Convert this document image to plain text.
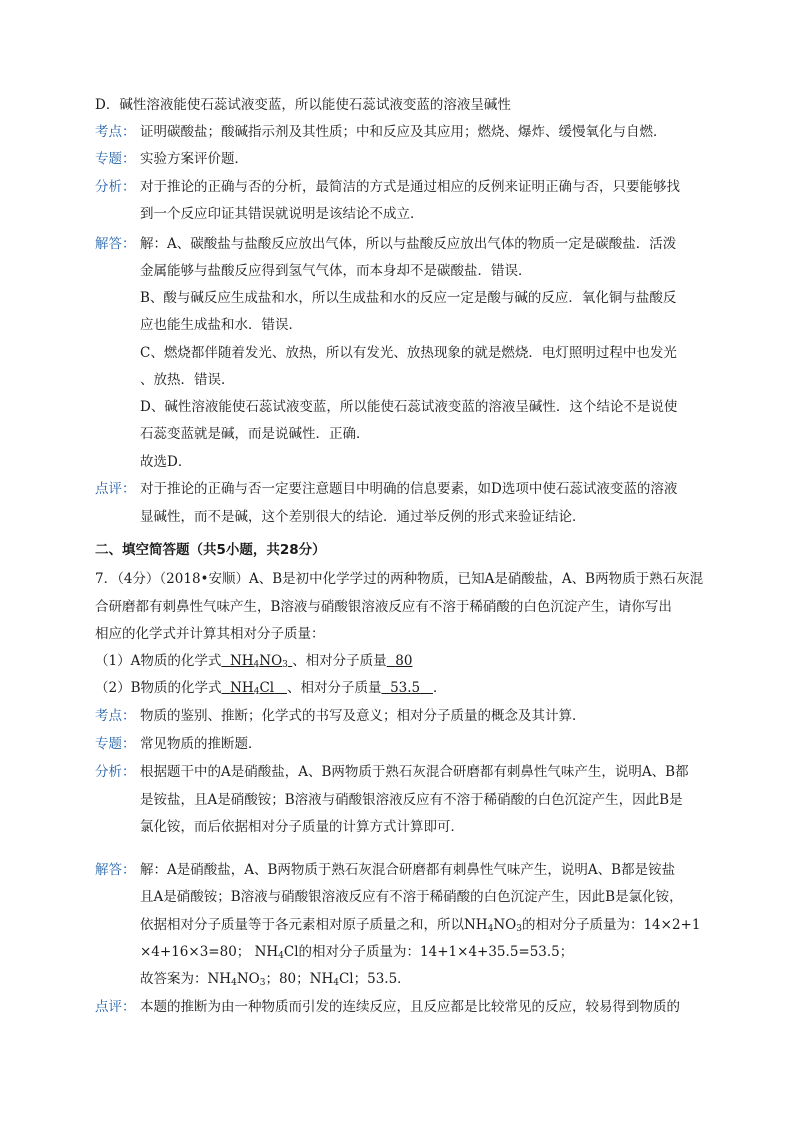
D．碱性溶液能使石蕊试液变蓝，所以能使石蕊试液变蓝的溶液呈碱性
考点： 证明碳酸盐；酸碱指示剂及其性质；中和反应及其应用；燃烧、爆炸、缓慢氧化与自燃．
专题： 实验方案评价题．
分析： 对于推论的正确与否的分析，最简洁的方式是通过相应的反例来证明正确与否，只要能够找
到一个反应印证其错误就说明是该结论不成立．
解答： 解：A、碳酸盐与盐酸反应放出气体，所以与盐酸反应放出气体的物质一定是碳酸盐．活泼
金属能够与盐酸反应得到氢气气体，而本身却不是碳酸盐．错误．
B、酸与碱反应生成盐和水，所以生成盐和水的反应一定是酸与碱的反应．氧化铜与盐酸反
应也能生成盐和水．错误．
C、燃烧都伴随着发光、放热，所以有发光、放热现象的就是燃烧．电灯照明过程中也发光
、放热．错误．
D、碱性溶液能使石蕊试液变蓝，所以能使石蕊试液变蓝的溶液呈碱性．这个结论不是说使
石蕊变蓝就是碱，而是说碱性．正确．
故选D．
点评： 对于推论的正确与否一定要注意题目中明确的信息要素，如D选项中使石蕊试液变蓝的溶液
显碱性，而不是碱，这个差别很大的结论．通过举反例的形式来验证结论．
二、填空简答题（共5小题，共28分）
7．（4分）（2018•安顺）A、B是初中化学学过的两种物质，已知A是硝酸盐，A、B两物质于熟石灰混
合研磨都有刺鼻性气味产生，B溶液与硝酸银溶液反应有不溶于稀硝酸的白色沉淀产生，请你写出
相应的化学式并计算其相对分子质量：
（1）A物质的化学式 $NH_4NO_3$ 、相对分子质量 80
（2）B物质的化学式 $NH_4Cl$ 、相对分子质量 53.5 ．
考点： 物质的鉴别、推断；化学式的书写及意义；相对分子质量的概念及其计算．
专题： 常见物质的推断题．
分析： 根据题干中的A是硝酸盐，A、B两物质于熟石灰混合研磨都有刺鼻性气味产生，说明A、B都
是铵盐，且A是硝酸铵；B溶液与硝酸银溶液反应有不溶于稀硝酸的白色沉淀产生，因此B是
氯化铵，而后依据相对分子质量的计算方式计算即可．
解答： 解：A是硝酸盐，A、B两物质于熟石灰混合研磨都有刺鼻性气味产生，说明A、B都是铵盐
且A是硝酸铵；B溶液与硝酸银溶液反应有不溶于稀硝酸的白色沉淀产生，因此B是氯化铵，
依据相对分子质量等于各元素相对原子质量之和，所以$NH_4NO_3$的相对分子质量为：14×2+1
×4+16×3=80； $NH_4Cl$的相对分子质量为：14+1×4+35.5=53.5；
故答案为：$NH_4NO_3$；80；$NH_4Cl$；53.5．
点评： 本题的推断为由一种物质而引发的连续反应，且反应都是比较常见的反应，较易得到物质的
